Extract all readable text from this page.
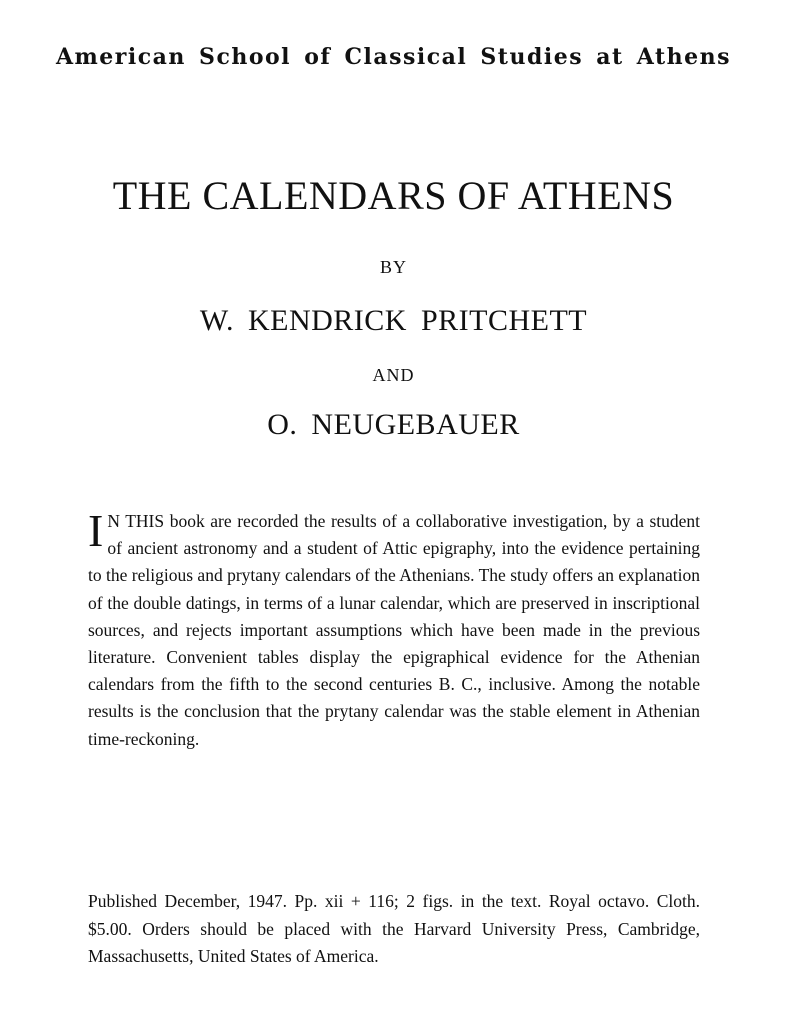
American School of Classical Studies at Athens
THE CALENDARS OF ATHENS
BY
W. KENDRICK PRITCHETT
AND
O. NEUGEBAUER
I N THIS book are recorded the results of a collaborative investigation, by a student of ancient astronomy and a student of Attic epigraphy, into the evidence pertaining to the religious and prytany calendars of the Athenians. The study offers an explanation of the double datings, in terms of a lunar calendar, which are preserved in inscriptional sources, and rejects important assumptions which have been made in the previous literature. Convenient tables display the epigraphical evidence for the Athenian calendars from the fifth to the second centuries B. C., inclusive. Among the notable results is the conclusion that the prytany calendar was the stable element in Athenian time-reckoning.
Published December, 1947. Pp. xii + 116; 2 figs. in the text. Royal octavo. Cloth. $5.00. Orders should be placed with the Harvard University Press, Cambridge, Massachusetts, United States of America.
